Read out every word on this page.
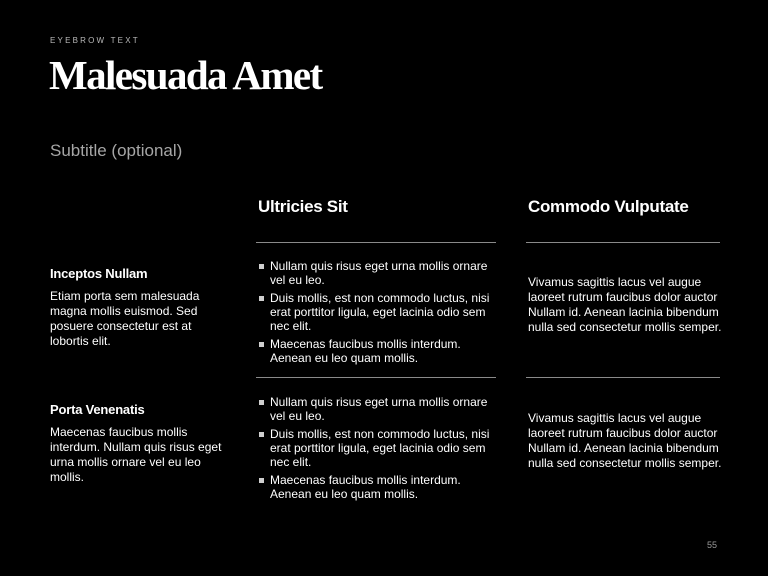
EYEBROW TEXT
Malesuada Amet
Subtitle (optional)
Ultricies Sit	Commodo Vulputate

Inceptos Nullam

Etiam porta sem malesuada magna mollis euismod. Sed posuere consectetur est at lobortis elit.

Nullam quis risus eget urna mollis ornare vel eu leo.
Duis mollis, est non commodo luctus, nisi erat porttitor ligula, eget lacinia odio sem nec elit.
Maecenas faucibus mollis interdum. Aenean eu leo quam mollis.

Vivamus sagittis lacus vel augue laoreet rutrum faucibus dolor auctor Nullam id. Aenean lacinia bibendum nulla sed consectetur mollis semper.

Porta Venenatis

Maecenas faucibus mollis interdum. Nullam quis risus eget urna mollis ornare vel eu leo mollis.

Nullam quis risus eget urna mollis ornare vel eu leo.
Duis mollis, est non commodo luctus, nisi erat porttitor ligula, eget lacinia odio sem nec elit.
Maecenas faucibus mollis interdum. Aenean eu leo quam mollis.

Vivamus sagittis lacus vel augue laoreet rutrum faucibus dolor auctor Nullam id. Aenean lacinia bibendum nulla sed consectetur mollis semper.

55
